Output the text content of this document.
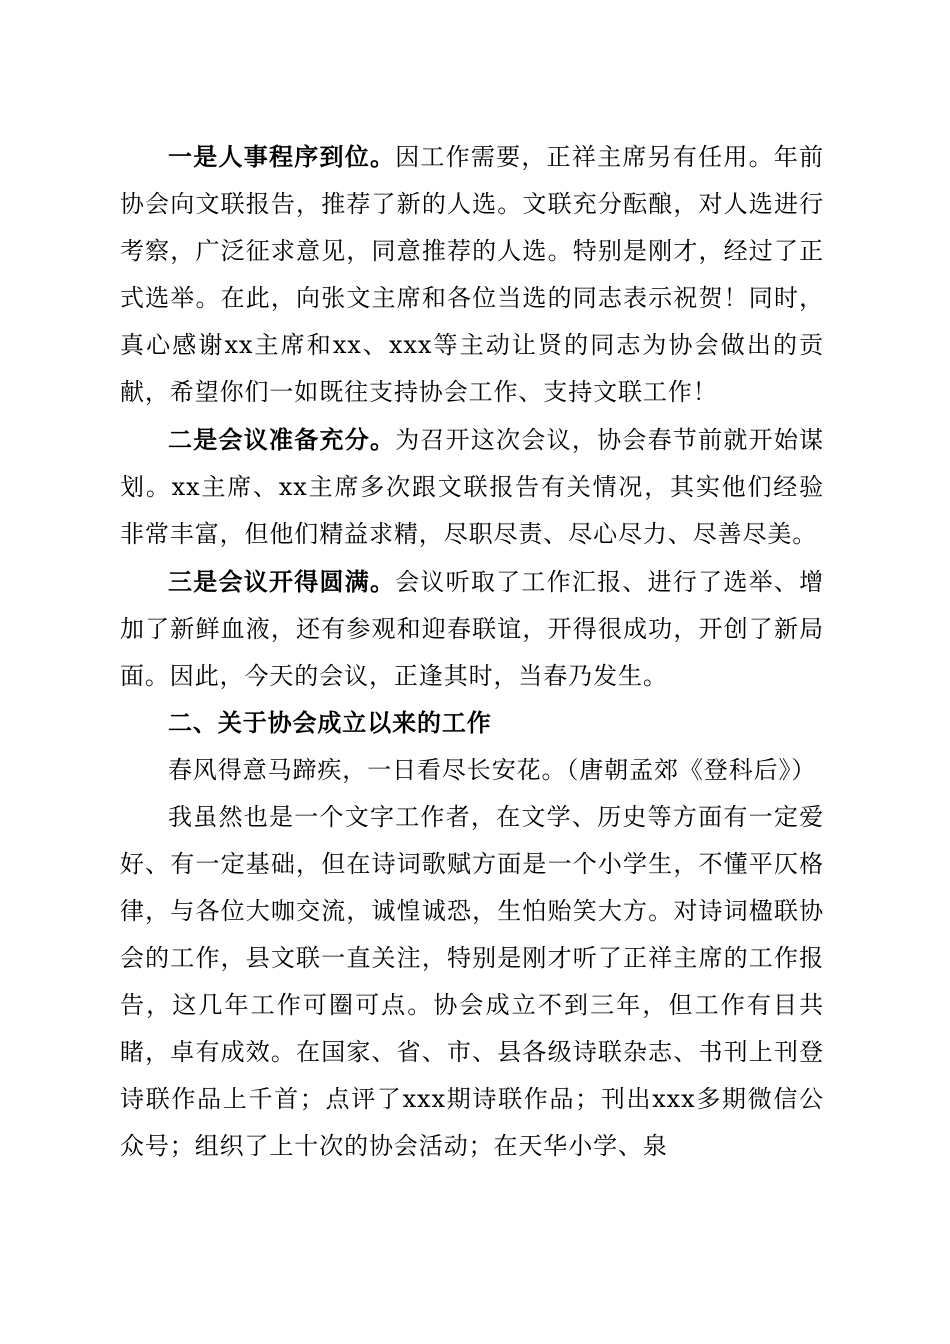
一是人事程序到位。因工作需要，正祥主席另有任用。年前协会向文联报告，推荐了新的人选。文联充分酝酿，对人选进行考察，广泛征求意见，同意推荐的人选。特别是刚才，经过了正式选举。在此，向张文主席和各位当选的同志表示祝贺！同时，真心感谢xx主席和xx、xxx等主动让贤的同志为协会做出的贡献，希望你们一如既往支持协会工作、支持文联工作！

二是会议准备充分。为召开这次会议，协会春节前就开始谋划。xx主席、xx主席多次跟文联报告有关情况，其实他们经验非常丰富，但他们精益求精，尽职尽责、尽心尽力、尽善尽美。

三是会议开得圆满。会议听取了工作汇报、进行了选举、增加了新鲜血液，还有参观和迎春联谊，开得很成功，开创了新局面。因此，今天的会议，正逢其时，当春乃发生。

二、关于协会成立以来的工作

春风得意马蹄疾，一日看尽长安花。（唐朝孟郊《登科后》）

我虽然也是一个文字工作者，在文学、历史等方面有一定爱好、有一定基础，但在诗词歌赋方面是一个小学生，不懂平仄格律，与各位大咖交流，诚惶诚恐，生怕贻笑大方。对诗词楹联协会的工作，县文联一直关注，特别是刚才听了正祥主席的工作报告，这几年工作可圈可点。协会成立不到三年，但工作有目共睹，卓有成效。在国家、省、市、县各级诗联杂志、书刊上刊登诗联作品上千首；点评了xxx期诗联作品；刊出xxx多期微信公众号；组织了上十次的协会活动；在天华小学、泉
